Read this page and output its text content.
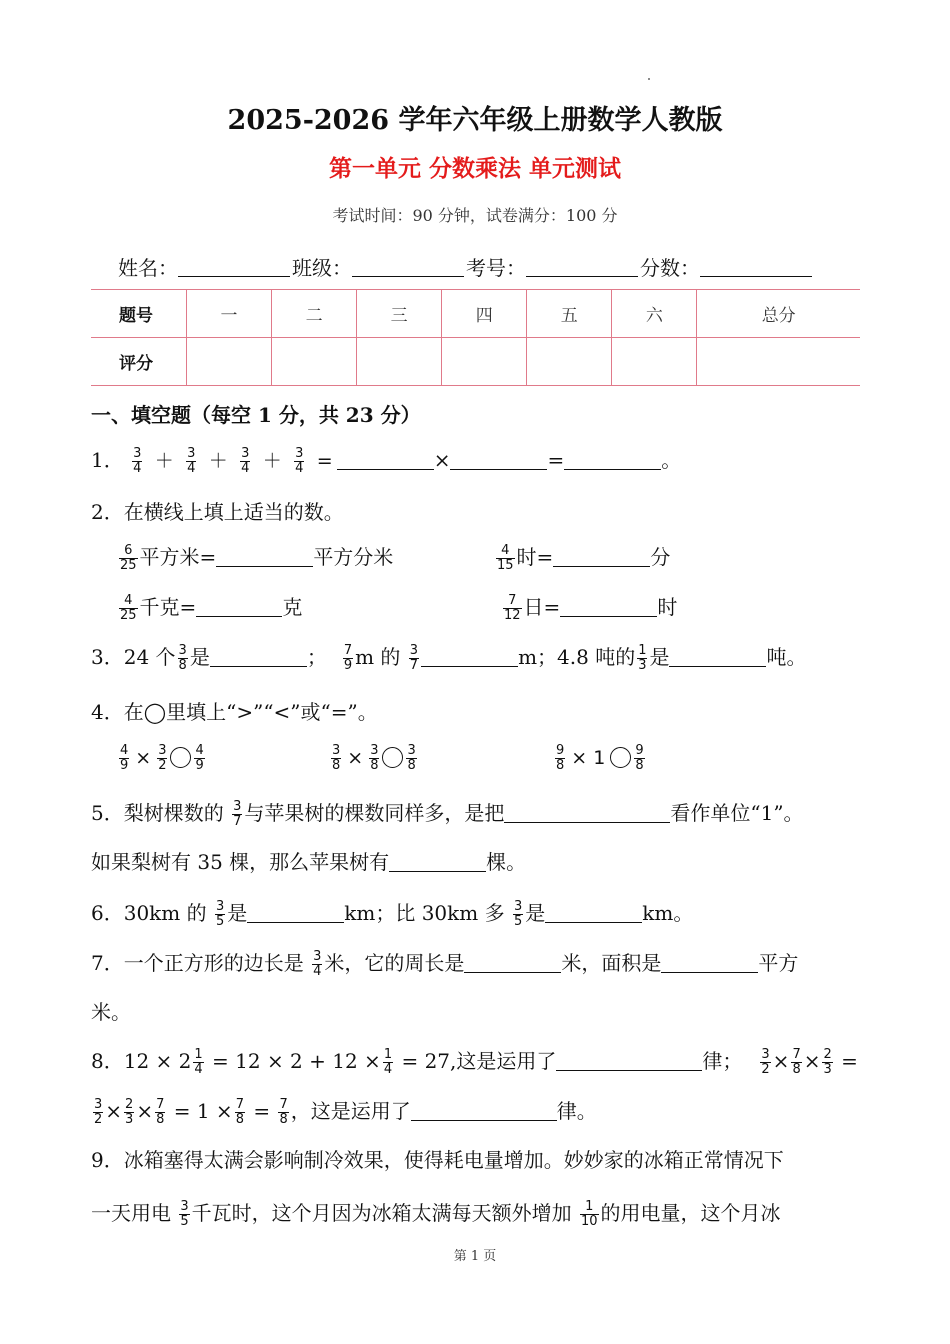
2025-2026 学年六年级上册数学人教版
第一单元 分数乘法 单元测试
考试时间：90 分钟，试卷满分：100 分
姓名：	班级：	考号：	分数：
题号	一	二	三	四	五	六	总分
评分							
一、填空题（每空 1 分，共 23 分）
1． $\frac{3}{4} + \frac{3}{4} + \frac{3}{4} + \frac{3}{4}$ =	×	=	。
2．在横线上填上适当的数。
$\frac{6}{25}$ 平方米=	平方分米	$\frac{4}{15}$ 时=	分
$\frac{4}{25}$ 千克=	克	$\frac{7}{12}$ 日=	时
3．24 个 $\frac{3}{8}$ 是	； $\frac{7}{9}$ m 的 $\frac{3}{7}$	m；4.8 吨的 $\frac{1}{3}$ 是	吨。
4．在◯里填上“>”“<”或“=”。
$\frac{4}{9} \times \frac{3}{2} \frac{4}{9}$	$\frac{3}{8} \times \frac{3}{8} \frac{3}{8}$	$\frac{9}{8} \times 1 \frac{9}{8}$
5．梨树棵数的 $\frac{3}{7}$ 与苹果树的棵数同样多，是把	看作单位“1”。
如果梨树有 35 棵，那么苹果树有	棵。
6．30km 的 $\frac{3}{5}$ 是	km；比 30km 多 $\frac{3}{5}$ 是	km。
7．一个正方形的边长是 $\frac{3}{4}$ 米，它的周长是	米，面积是	平方
米。
8．$12 \times 2 \frac{1}{4} = 12 \times 2 + 12 \times \frac{1}{4} = 27$,这是运用了	律； $\frac{3}{2} \times \frac{7}{8} \times \frac{2}{3}$ =
$\frac{3}{2} \times \frac{2}{3} \times \frac{7}{8} = 1 \times \frac{7}{8} = \frac{7}{8}$ ，这是运用了	律。
9．冰箱塞得太满会影响制冷效果，使得耗电量增加。妙妙家的冰箱正常情况下
一天用电 $\frac{3}{5}$ 千瓦时，这个月因为冰箱太满每天额外增加 $\frac{1}{10}$ 的用电量，这个月冰
第 1 页
